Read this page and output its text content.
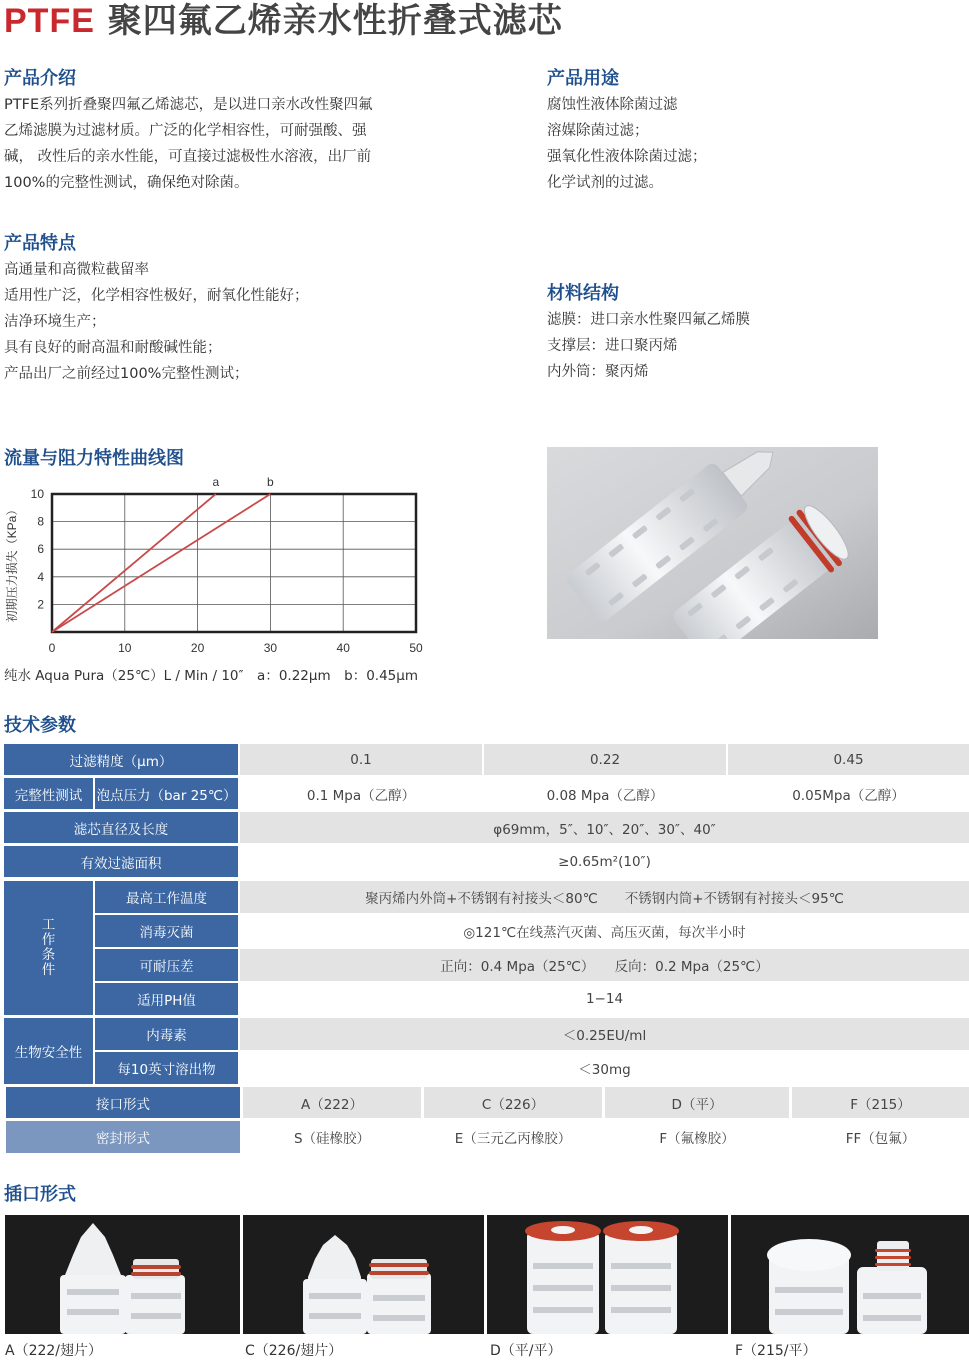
PTFE 聚四氟乙烯亲水性折叠式滤芯
产品介绍
PTFE系列折叠聚四氟乙烯滤芯，是以进口亲水改性聚四氟
乙烯滤膜为过滤材质。广泛的化学相容性，可耐强酸、强
碱， 改性后的亲水性能，可直接过滤极性水溶液，出厂前
100%的完整性测试，确保绝对除菌。
产品用途
腐蚀性液体除菌过滤
溶媒除菌过滤；
强氧化性液体除菌过滤；
化学试剂的过滤。
产品特点
高通量和高微粒截留率
适用性广泛，化学相容性极好，耐氧化性能好；
洁净环境生产；
具有良好的耐高温和耐酸碱性能；
产品出厂之前经过100%完整性测试；
材料结构
滤膜：进口亲水性聚四氟乙烯膜
支撑层：进口聚丙烯
内外筒：聚丙烯
流量与阻力特性曲线图
0	10	20	30	40	50
2
4
6
8
10
初期压力损失（KPa）
a	b
纯水 Aqua Pura（25℃）L / Min / 10″　a：0.22μm　b：0.45μm
技术参数
过滤精度（μm）	0.1	0.22	0.45
完整性测试	泡点压力（bar 25℃）	0.1 Mpa（乙醇）	0.08 Mpa（乙醇）	0.05Mpa（乙醇）
滤芯直径及长度	φ69mm，5″、10″、20″、30″、40″
有效过滤面积	≥0.65m²(10″)
工
作
条
件
最高工作温度	聚丙烯内外筒+不锈钢有衬接头＜80℃　　不锈钢内筒+不锈钢有衬接头＜95℃
消毒灭菌	◎121℃在线蒸汽灭菌、高压灭菌，每次半小时
可耐压差	正向：0.4 Mpa（25℃）　　反向：0.2 Mpa（25℃）
适用PH值	1−14
生物安全性
内毒素	＜0.25EU/ml
每10英寸溶出物	＜30mg
接口形式	A（222）	C（226）	D（平）	F（215）
密封形式	S（硅橡胶）	E（三元乙丙橡胶）	F（氟橡胶）	FF（包氟）
插口形式
A（222/翅片）	C（226/翅片）	D（平/平）	F（215/平）
